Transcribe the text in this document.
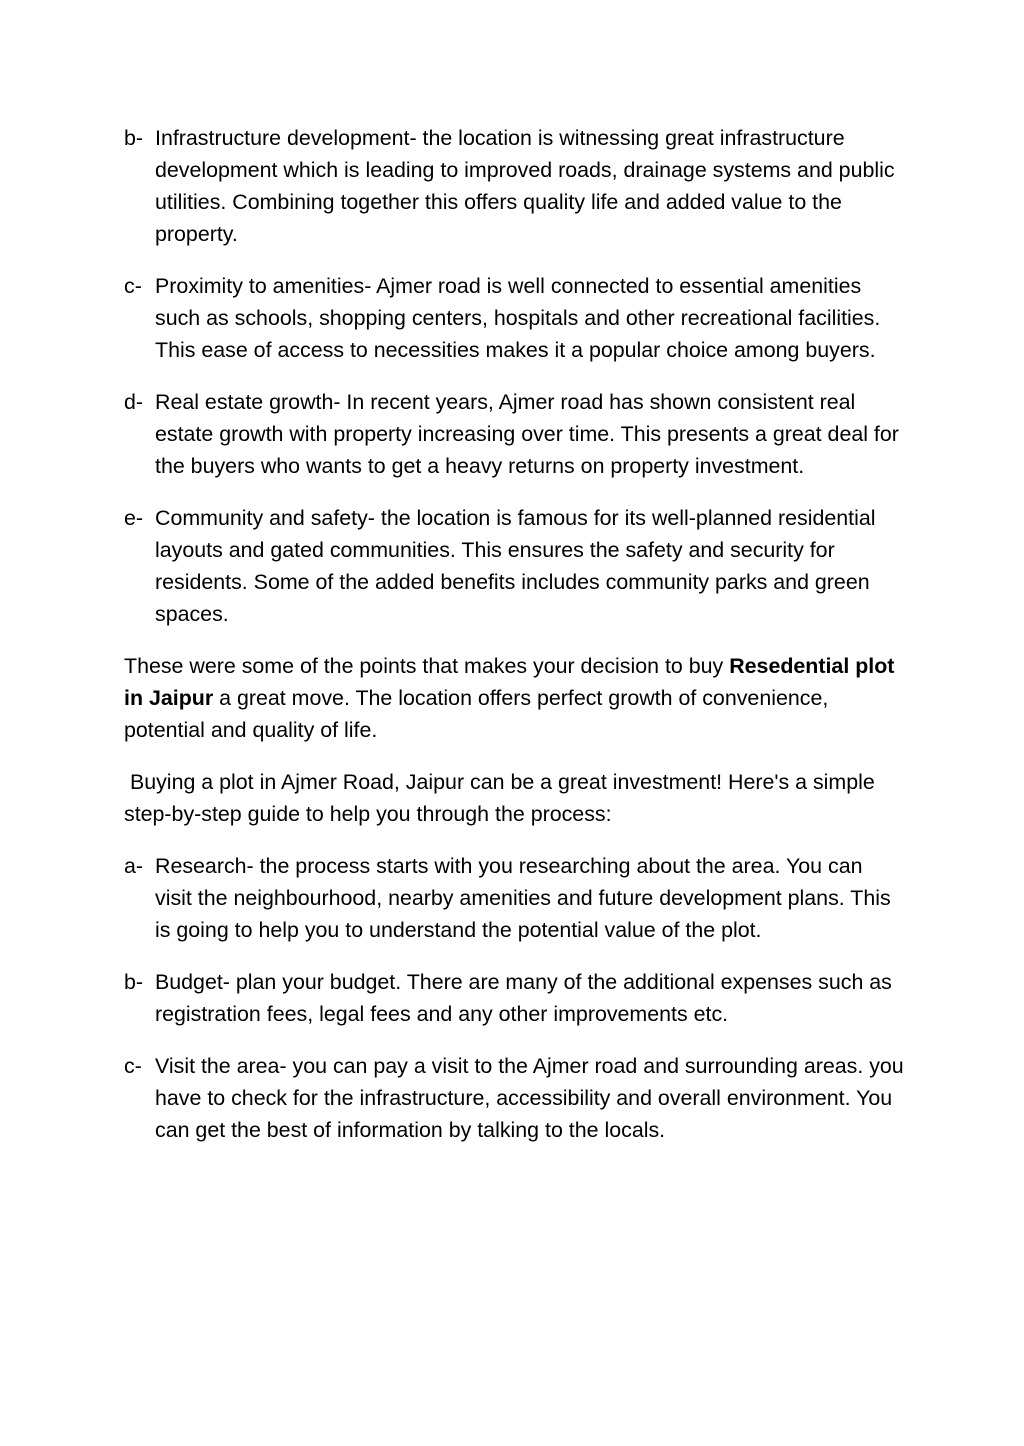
b- Infrastructure development- the location is witnessing great infrastructure development which is leading to improved roads, drainage systems and public utilities. Combining together this offers quality life and added value to the property.
c- Proximity to amenities- Ajmer road is well connected to essential amenities such as schools, shopping centers, hospitals and other recreational facilities. This ease of access to necessities makes it a popular choice among buyers.
d- Real estate growth- In recent years, Ajmer road has shown consistent real estate growth with property increasing over time. This presents a great deal for the buyers who wants to get a heavy returns on property investment.
e- Community and safety- the location is famous for its well-planned residential layouts and gated communities. This ensures the safety and security for residents. Some of the added benefits includes community parks and green spaces.

These were some of the points that makes your decision to buy Resedential plot in Jaipur a great move. The location offers perfect growth of convenience, potential and quality of life.

Buying a plot in Ajmer Road, Jaipur can be a great investment! Here's a simple step-by-step guide to help you through the process:

a- Research- the process starts with you researching about the area. You can visit the neighbourhood, nearby amenities and future development plans. This is going to help you to understand the potential value of the plot.
b- Budget- plan your budget. There are many of the additional expenses such as registration fees, legal fees and any other improvements etc.
c- Visit the area- you can pay a visit to the Ajmer road and surrounding areas. you have to check for the infrastructure, accessibility and overall environment. You can get the best of information by talking to the locals.
